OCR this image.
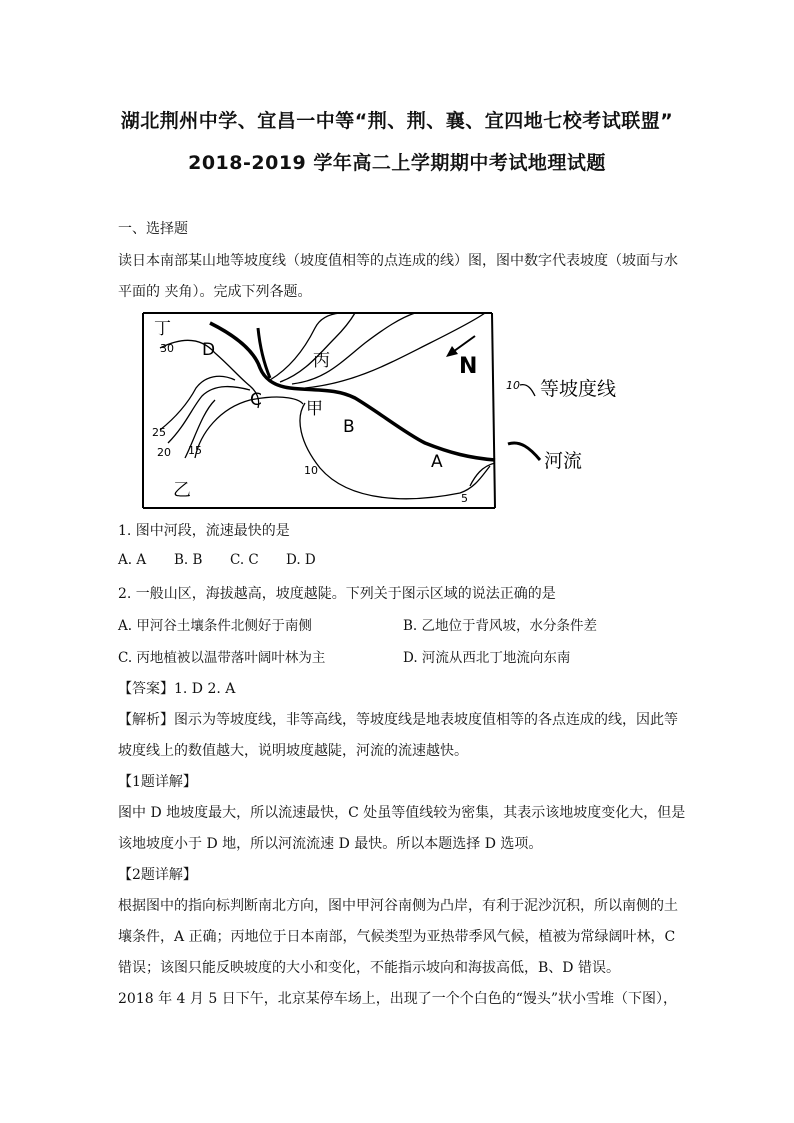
湖北荆州中学、宜昌一中等“荆、荆、襄、宜四地七校考试联盟”
2018-2019 学年高二上学期期中考试地理试题
一、选择题
读日本南部某山地等坡度线（坡度值相等的点连成的线）图，图中数字代表坡度（坡面与水
平面的 夹角）。完成下列各题。
丁
D
丙
C	甲
B
A
乙
N
30
25
20 15
10
5
10 等坡度线
河流
1. 图中河段，流速最快的是
A. A B. B C. C D. D
2. 一般山区，海拔越高，坡度越陡。下列关于图示区域的说法正确的是
A. 甲河谷土壤条件北侧好于南侧	B. 乙地位于背风坡，水分条件差
C. 丙地植被以温带落叶阔叶林为主	D. 河流从西北丁地流向东南
【答案】1. D 2. A
【解析】图示为等坡度线，非等高线，等坡度线是地表坡度值相等的各点连成的线，因此等
坡度线上的数值越大，说明坡度越陡，河流的流速越快。
【1题详解】
图中 D 地坡度最大，所以流速最快，C 处虽等值线较为密集，其表示该地坡度变化大，但是
该地坡度小于 D 地，所以河流流速 D 最快。所以本题选择 D 选项。
【2题详解】
根据图中的指向标判断南北方向，图中甲河谷南侧为凸岸，有利于泥沙沉积，所以南侧的土
壤条件，A 正确；丙地位于日本南部，气候类型为亚热带季风气候，植被为常绿阔叶林，C
错误；该图只能反映坡度的大小和变化，不能指示坡向和海拔高低，B、D 错误。
2018 年 4 月 5 日下午，北京某停车场上，出现了一个个白色的“馒头”状小雪堆（下图），
